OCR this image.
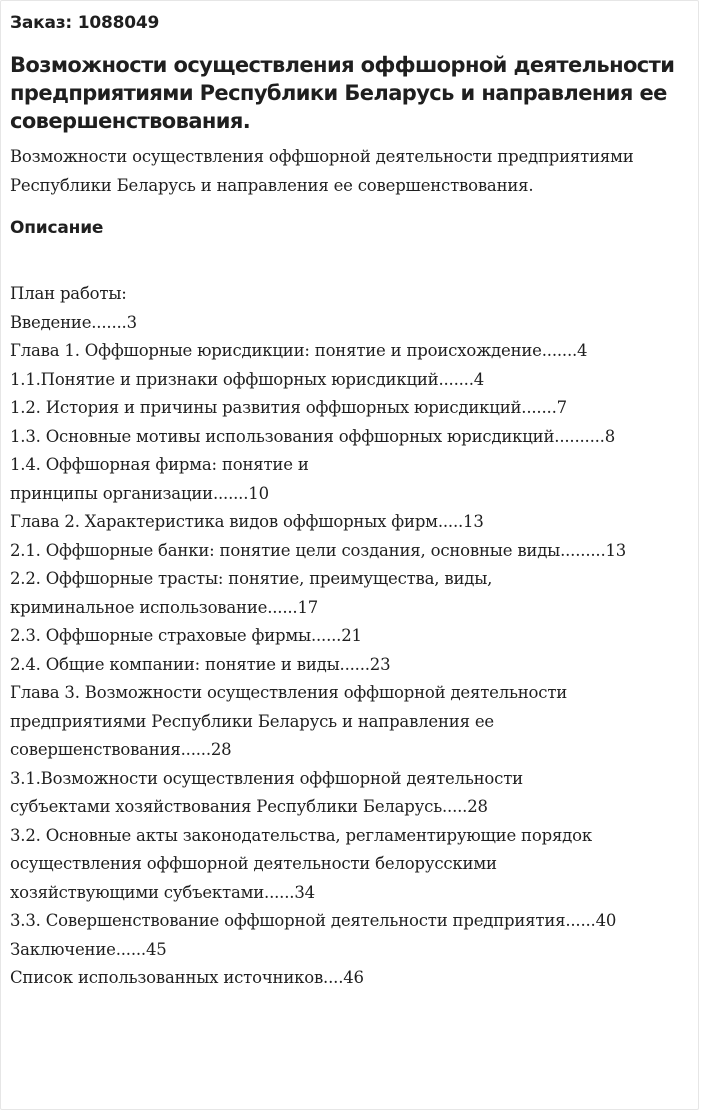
Заказ: 1088049
Возможности осуществления оффшорной деятельности предприятиями Республики Беларусь и направления ее совершенствования.

Возможности осуществления оффшорной деятельности предприятиями Республики Беларусь и направления ее совершенствования.

Описание
План работы:
Введение.......3
Глава 1. Оффшорные юрисдикции: понятие и происхождение.......4
1.1.Понятие и признаки оффшорных юрисдикций.......4
1.2. История и причины развития оффшорных юрисдикций.......7
1.3. Основные мотивы использования оффшорных юрисдикций..........8
1.4. Оффшорная фирма: понятие и
принципы организации.......10
Глава 2. Характеристика видов оффшорных фирм.....13
2.1. Оффшорные банки: понятие цели создания, основные виды.........13
2.2. Оффшорные трасты: понятие, преимущества, виды,
криминальное использование......17
2.3. Оффшорные страховые фирмы......21
2.4. Общие компании: понятие и виды......23
Глава 3. Возможности осуществления оффшорной деятельности
предприятиями Республики Беларусь и направления ее
совершенствования......28
3.1.Возможности осуществления оффшорной деятельности
субъектами хозяйствования Республики Беларусь.....28
3.2. Основные акты законодательства, регламентирующие порядок
осуществления оффшорной деятельности белорусскими
хозяйствующими субъектами......34
3.3. Совершенствование оффшорной деятельности предприятия......40
Заключение......45
Список использованных источников....46
